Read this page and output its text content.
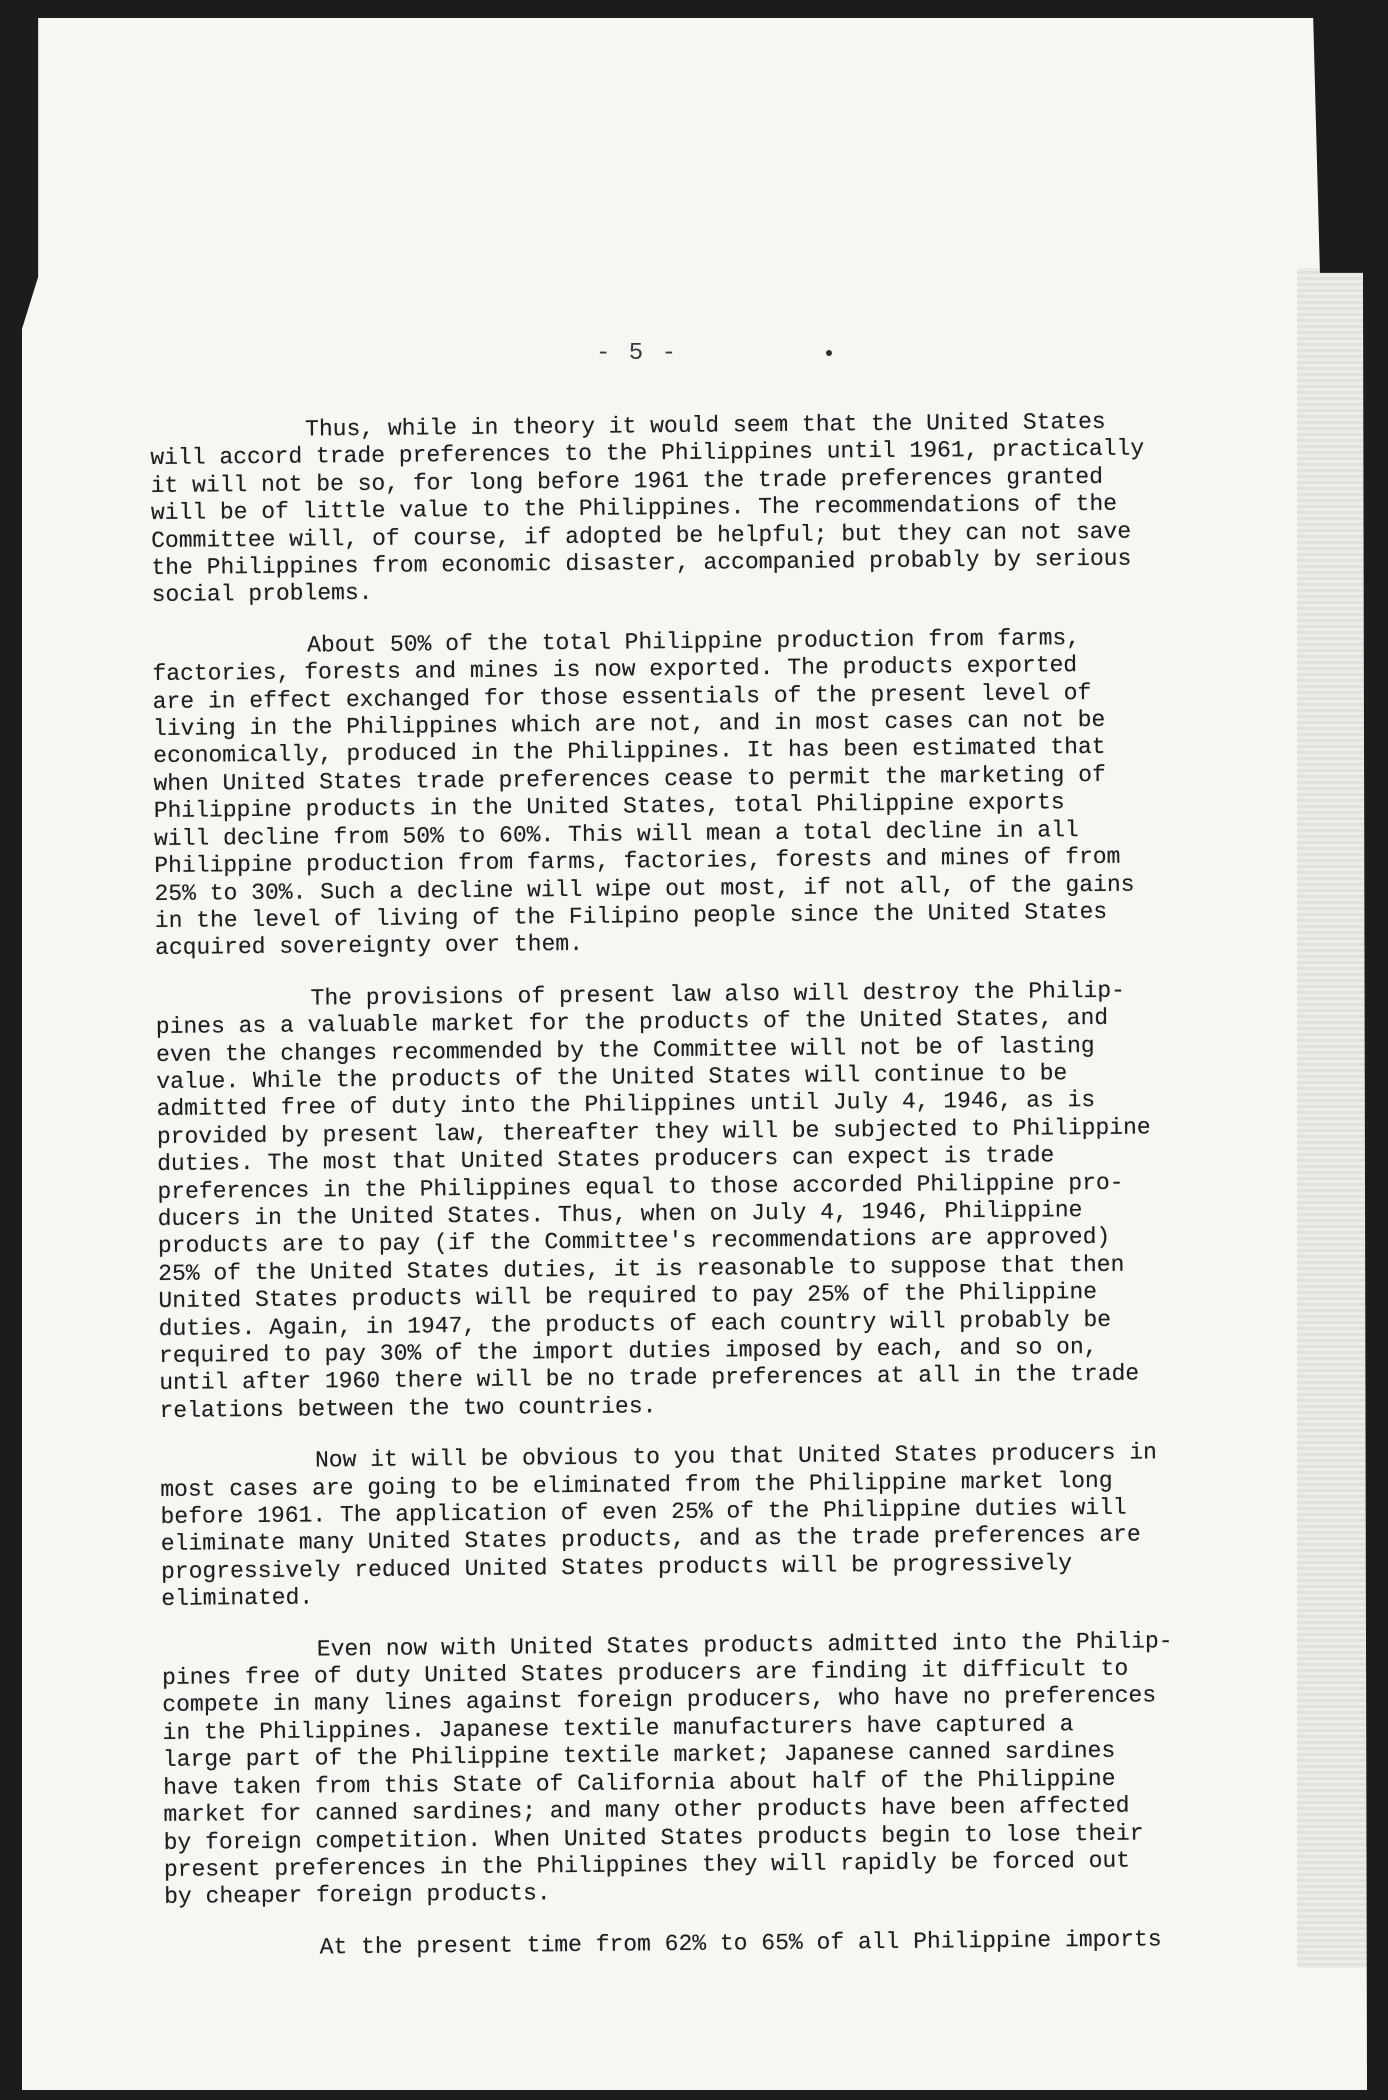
- 5 -
Thus, while in theory it would seem that the United States
will accord trade preferences to the Philippines until 1961, practically
it will not be so, for long before 1961 the trade preferences granted
will be of little value to the Philippines. The recommendations of the
Committee will, of course, if adopted be helpful; but they can not save
the Philippines from economic disaster, accompanied probably by serious
social problems.
About 50% of the total Philippine production from farms,
factories, forests and mines is now exported. The products exported
are in effect exchanged for those essentials of the present level of
living in the Philippines which are not, and in most cases can not be
economically, produced in the Philippines. It has been estimated that
when United States trade preferences cease to permit the marketing of
Philippine products in the United States, total Philippine exports
will decline from 50% to 60%. This will mean a total decline in all
Philippine production from farms, factories, forests and mines of from
25% to 30%. Such a decline will wipe out most, if not all, of the gains
in the level of living of the Filipino people since the United States
acquired sovereignty over them.
The provisions of present law also will destroy the Philip-
pines as a valuable market for the products of the United States, and
even the changes recommended by the Committee will not be of lasting
value. While the products of the United States will continue to be
admitted free of duty into the Philippines until July 4, 1946, as is
provided by present law, thereafter they will be subjected to Philippine
duties. The most that United States producers can expect is trade
preferences in the Philippines equal to those accorded Philippine pro-
ducers in the United States. Thus, when on July 4, 1946, Philippine
products are to pay (if the Committee's recommendations are approved)
25% of the United States duties, it is reasonable to suppose that then
United States products will be required to pay 25% of the Philippine
duties. Again, in 1947, the products of each country will probably be
required to pay 30% of the import duties imposed by each, and so on,
until after 1960 there will be no trade preferences at all in the trade
relations between the two countries.
Now it will be obvious to you that United States producers in
most cases are going to be eliminated from the Philippine market long
before 1961. The application of even 25% of the Philippine duties will
eliminate many United States products, and as the trade preferences are
progressively reduced United States products will be progressively
eliminated.
Even now with United States products admitted into the Philip-
pines free of duty United States producers are finding it difficult to
compete in many lines against foreign producers, who have no preferences
in the Philippines. Japanese textile manufacturers have captured a
large part of the Philippine textile market; Japanese canned sardines
have taken from this State of California about half of the Philippine
market for canned sardines; and many other products have been affected
by foreign competition. When United States products begin to lose their
present preferences in the Philippines they will rapidly be forced out
by cheaper foreign products.
At the present time from 62% to 65% of all Philippine imports
